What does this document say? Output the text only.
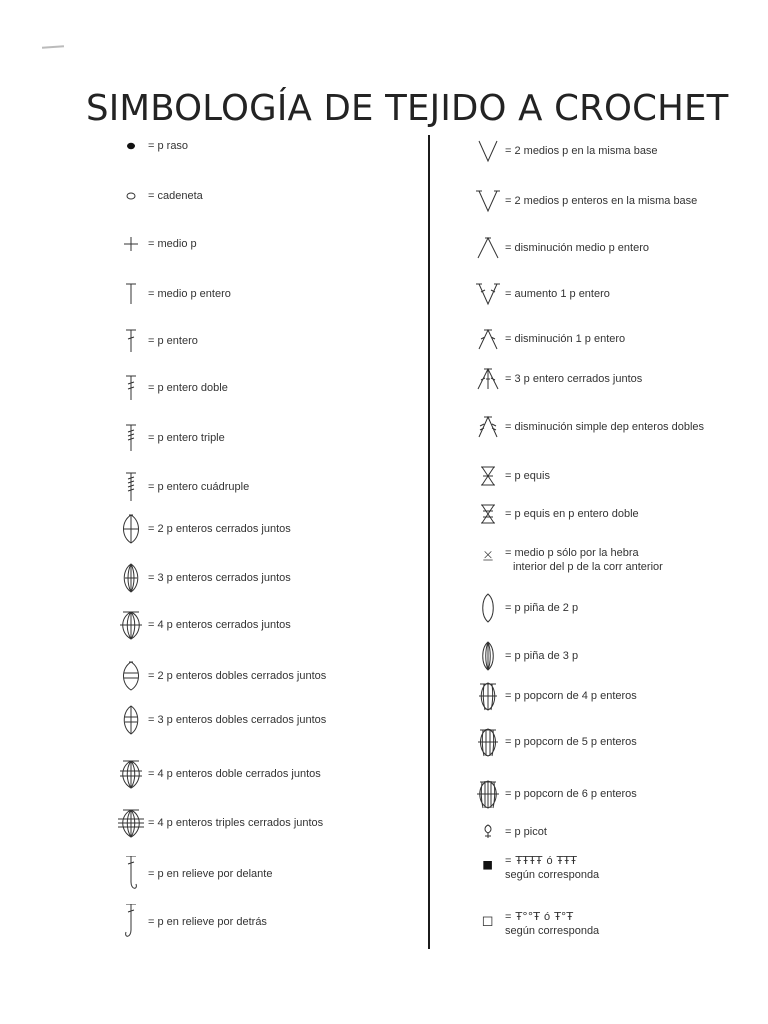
SIMBOLOGÍA DE TEJIDO A CROCHET
= p raso
= cadeneta
= medio p
= medio p entero
= p entero
= p entero doble
= p entero triple
= p entero cuádruple
= 2 p enteros cerrados juntos
= 3 p enteros cerrados juntos
= 4 p enteros cerrados juntos
= 2 p enteros dobles cerrados juntos
= 3 p enteros dobles cerrados juntos
= 4 p enteros doble cerrados juntos
= 4 p enteros triples cerrados juntos
= p en relieve por delante
= p en relieve por detrás
= 2 medios p en la misma base
= 2 medios p enteros en la misma base
= disminución medio p entero
= aumento 1 p entero
= disminución 1 p entero
= 3 p entero cerrados juntos
= disminución simple dep enteros dobles
= p equis
= p equis en p entero doble
= medio p sólo por la hebra
interior del p de la corr anterior
= p piña de 2 p
= p piña de 3 p
= p popcorn de 4 p enteros
= p popcorn de 5 p enteros
= p popcorn de 6 p enteros
= p picot
= ŦŦŦŦ ó ŦŦŦ
según corresponda
= Ŧ°°Ŧ ó Ŧ°Ŧ
según corresponda
